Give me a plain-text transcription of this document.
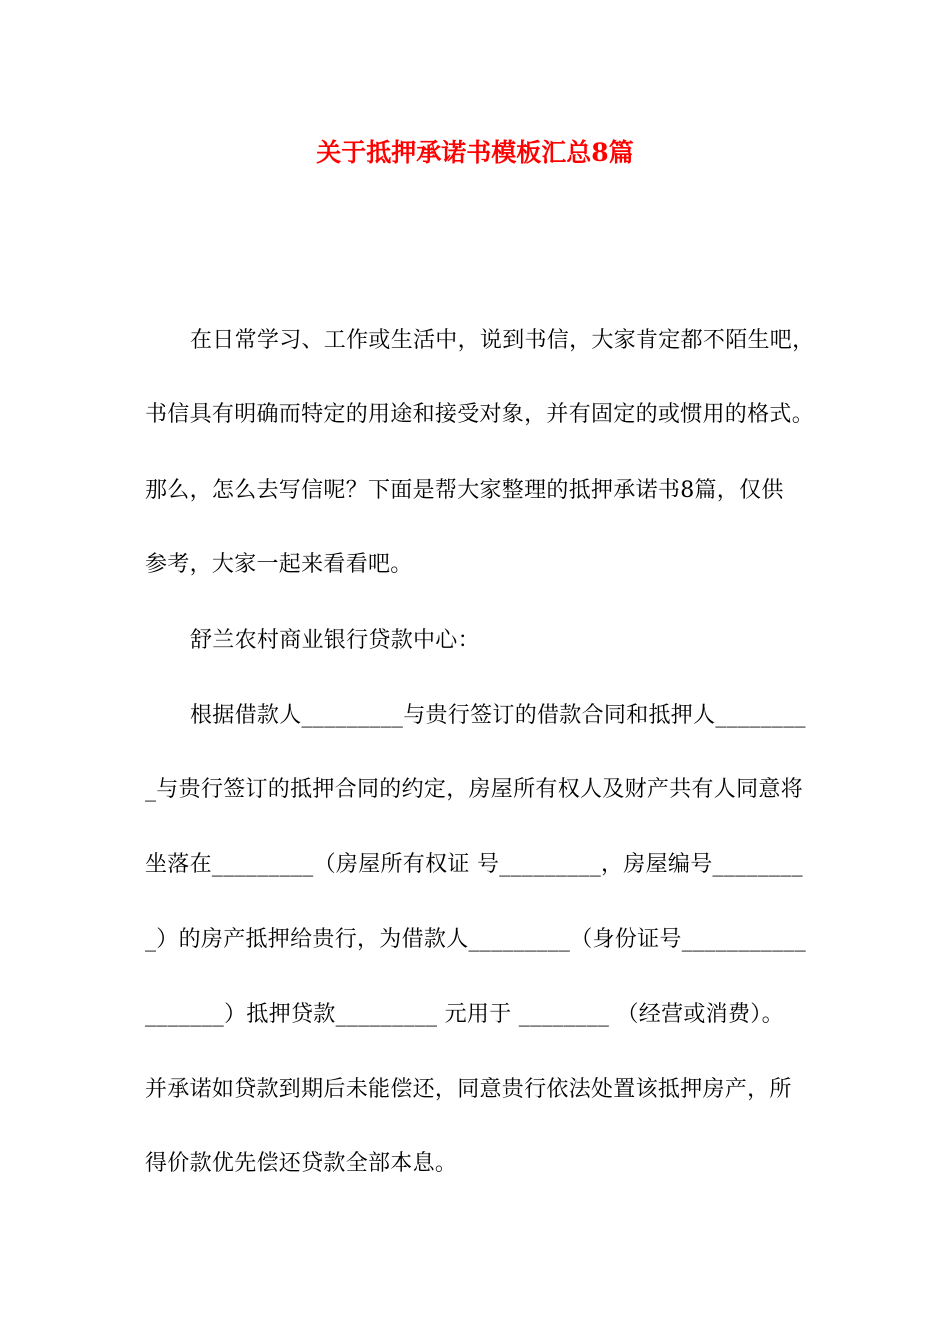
关于抵押承诺书模板汇总8篇
在日常学习、工作或生活中，说到书信，大家肯定都不陌生吧，
书信具有明确而特定的用途和接受对象，并有固定的或惯用的格式。
那么，怎么去写信呢？下面是帮大家整理的抵押承诺书8篇，仅供
参考，大家一起来看看吧。
舒兰农村商业银行贷款中心：
根据借款人_________与贵行签订的借款合同和抵押人________
_与贵行签订的抵押合同的约定，房屋所有权人及财产共有人同意将
坐落在_________（房屋所有权证 号_________，房屋编号________
_）的房产抵押给贵行，为借款人_________（身份证号___________
_______）抵押贷款_________ 元用于 ________ （经营或消费）。
并承诺如贷款到期后未能偿还，同意贵行依法处置该抵押房产，所
得价款优先偿还贷款全部本息。
